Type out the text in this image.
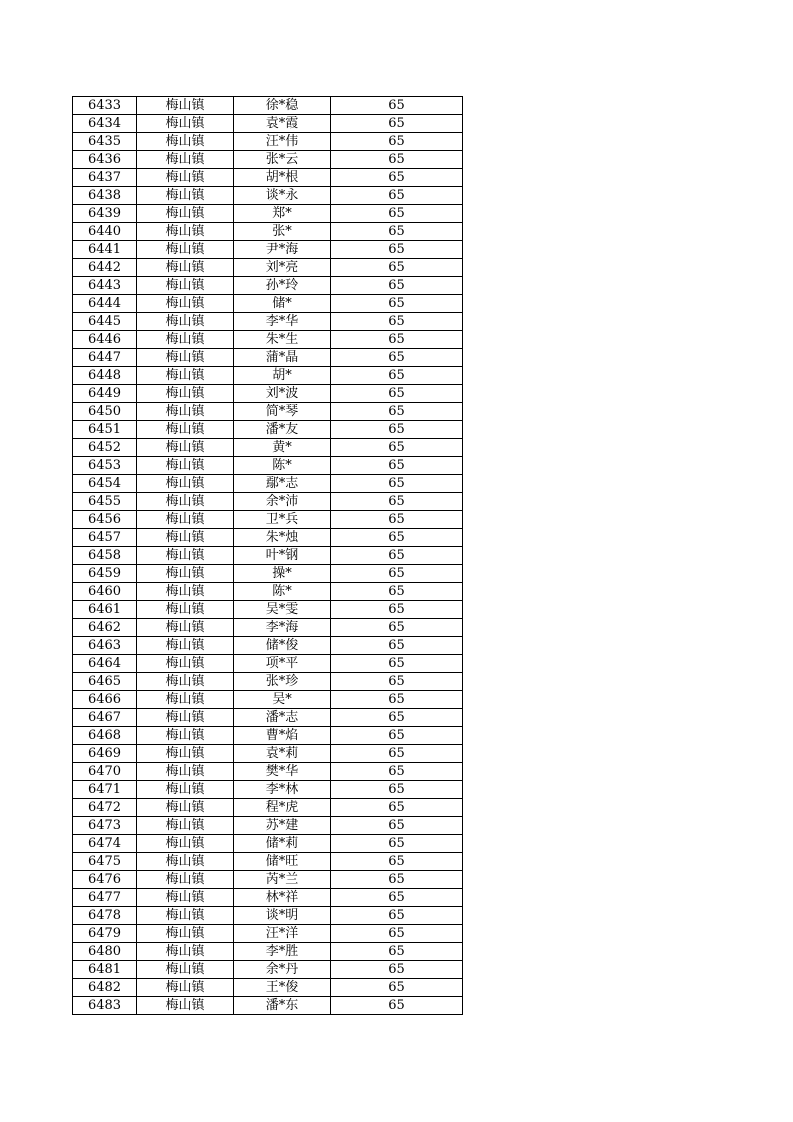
6433	梅山镇	徐*稳	65
6434	梅山镇	袁*霞	65
6435	梅山镇	汪*伟	65
6436	梅山镇	张*云	65
6437	梅山镇	胡*根	65
6438	梅山镇	谈*永	65
6439	梅山镇	郑*	65
6440	梅山镇	张*	65
6441	梅山镇	尹*海	65
6442	梅山镇	刘*亮	65
6443	梅山镇	孙*玲	65
6444	梅山镇	储*	65
6445	梅山镇	李*华	65
6446	梅山镇	朱*生	65
6447	梅山镇	蒲*晶	65
6448	梅山镇	胡*	65
6449	梅山镇	刘*波	65
6450	梅山镇	简*琴	65
6451	梅山镇	潘*友	65
6452	梅山镇	黄*	65
6453	梅山镇	陈*	65
6454	梅山镇	鄢*志	65
6455	梅山镇	余*沛	65
6456	梅山镇	卫*兵	65
6457	梅山镇	朱*烛	65
6458	梅山镇	叶*钢	65
6459	梅山镇	操*	65
6460	梅山镇	陈*	65
6461	梅山镇	吴*雯	65
6462	梅山镇	李*海	65
6463	梅山镇	储*俊	65
6464	梅山镇	项*平	65
6465	梅山镇	张*珍	65
6466	梅山镇	吴*	65
6467	梅山镇	潘*志	65
6468	梅山镇	曹*焰	65
6469	梅山镇	袁*莉	65
6470	梅山镇	樊*华	65
6471	梅山镇	李*林	65
6472	梅山镇	程*虎	65
6473	梅山镇	苏*建	65
6474	梅山镇	储*莉	65
6475	梅山镇	储*旺	65
6476	梅山镇	芮*兰	65
6477	梅山镇	林*祥	65
6478	梅山镇	谈*明	65
6479	梅山镇	汪*洋	65
6480	梅山镇	李*胜	65
6481	梅山镇	余*丹	65
6482	梅山镇	王*俊	65
6483	梅山镇	潘*东	65
